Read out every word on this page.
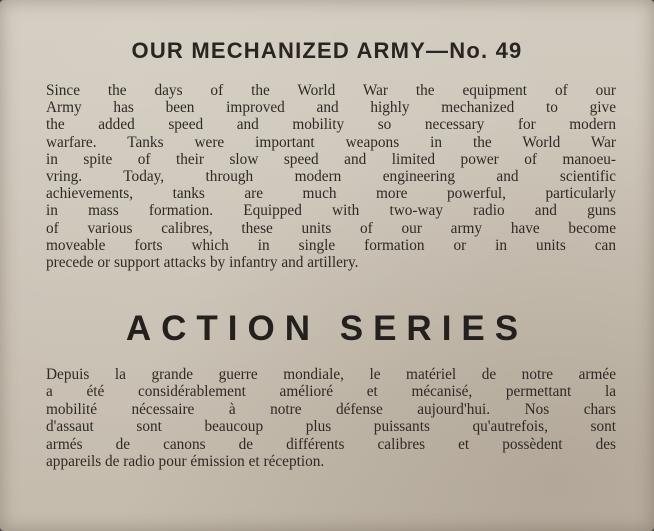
OUR MECHANIZED ARMY—No. 49
Since the days of the World War the equipment of our
Army has been improved and highly mechanized to give
the added speed and mobility so necessary for modern
warfare. Tanks were important weapons in the World War
in spite of their slow speed and limited power of manoeu-
vring. Today, through modern engineering and scientific
achievements, tanks are much more powerful, particularly
in mass formation. Equipped with two-way radio and guns
of various calibres, these units of our army have become
moveable forts which in single formation or in units can
precede or support attacks by infantry and artillery.
ACTION SERIES
Depuis la grande guerre mondiale, le matériel de notre armée
a été considérablement amélioré et mécanisé, permettant la
mobilité nécessaire à notre défense aujourd'hui. Nos chars
d'assaut sont beaucoup plus puissants qu'autrefois, sont
armés de canons de différents calibres et possèdent des
appareils de radio pour émission et réception.
